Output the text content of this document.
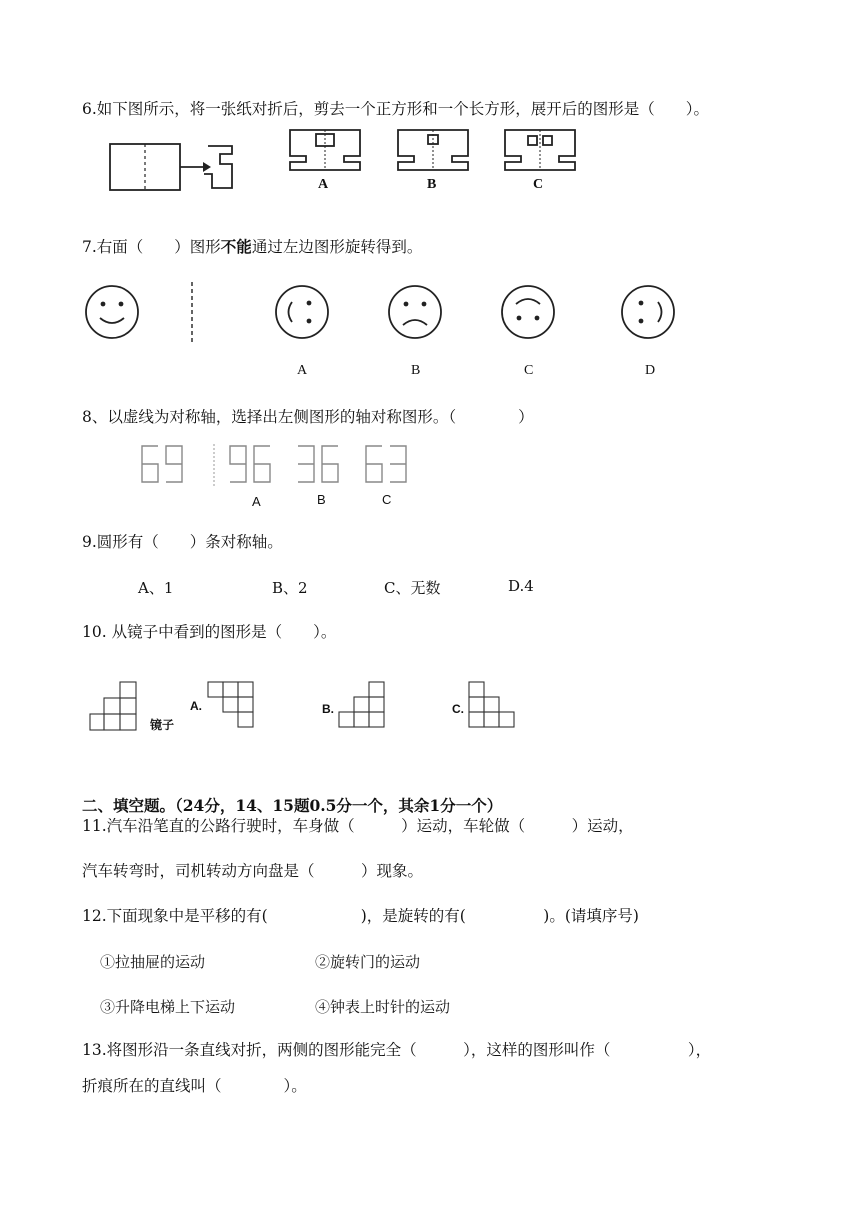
6.如下图所示，将一张纸对折后，剪去一个正方形和一个长方形，展开后的图形是（　　）。
A	B	C
7.右面（　　）图形不能通过左边图形旋转得到。
A	B	C	D
8、以虚线为对称轴，选择出左侧图形的轴对称图形。（　　　　）
A	B	C
9.圆形有（　　）条对称轴。
A、1	B、2	C、无数	D.4
10. 从镜子中看到的图形是（　　）。
镜子
A.	B.	C.
二、填空题。（24分，14、15题0.5分一个，其余1分一个）
11.汽车沿笔直的公路行驶时，车身做（　　　）运动，车轮做（　　　）运动，
汽车转弯时，司机转动方向盘是（　　　）现象。
12.下面现象中是平移的有(　　　　　　)，是旋转的有(　　　　　)。(请填序号)
①拉抽屉的运动	②旋转门的运动
③升降电梯上下运动	④钟表上时针的运动
13.将图形沿一条直线对折，两侧的图形能完全（　　　），这样的图形叫作（　　　　　），
折痕所在的直线叫（　　　　）。
